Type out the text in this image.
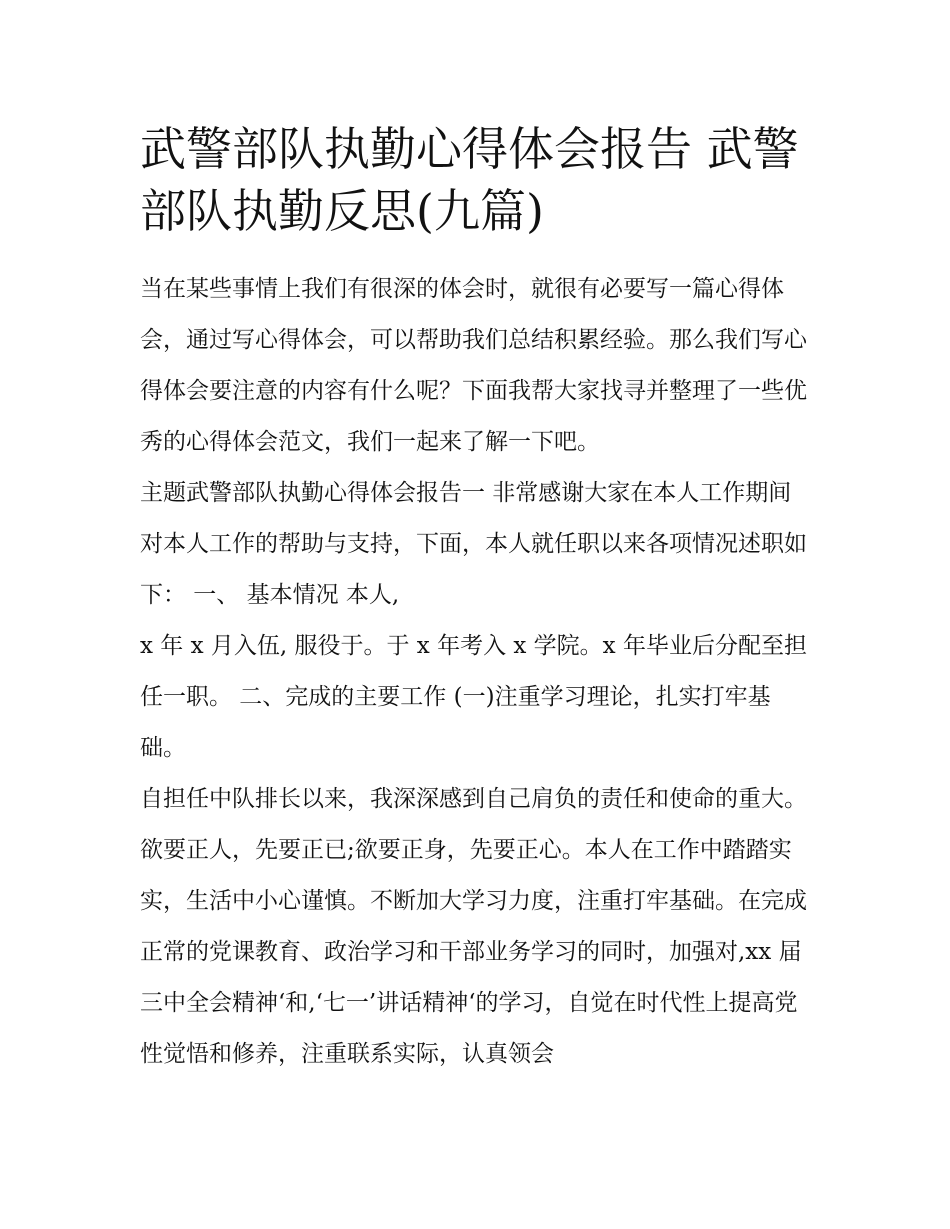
武警部队执勤心得体会报告 武警部队执勤反思(九篇)

当在某些事情上我们有很深的体会时，就很有必要写一篇心得体会，通过写心得体会，可以帮助我们总结积累经验。那么我们写心得体会要注意的内容有什么呢？下面我帮大家找寻并整理了一些优秀的心得体会范文，我们一起来了解一下吧。

主题武警部队执勤心得体会报告一 非常感谢大家在本人工作期间对本人工作的帮助与支持，下面，本人就任职以来各项情况述职如下： 一、 基本情况 本人,

x 年 x 月入伍, 服役于。于 x 年考入 x 学院。x 年毕业后分配至担任一职。 二、完成的主要工作 (一)注重学习理论，扎实打牢基础。

自担任中队排长以来，我深深感到自己肩负的责任和使命的重大。欲要正人，先要正已;欲要正身，先要正心。本人在工作中踏踏实实，生活中小心谨慎。不断加大学习力度，注重打牢基础。在完成正常的党课教育、政治学习和干部业务学习的同时，加强对,xx 届三中全会精神‘和,‘七一’讲话精神‘的学习，自觉在时代性上提高党性觉悟和修养，注重联系实际，认真领会
